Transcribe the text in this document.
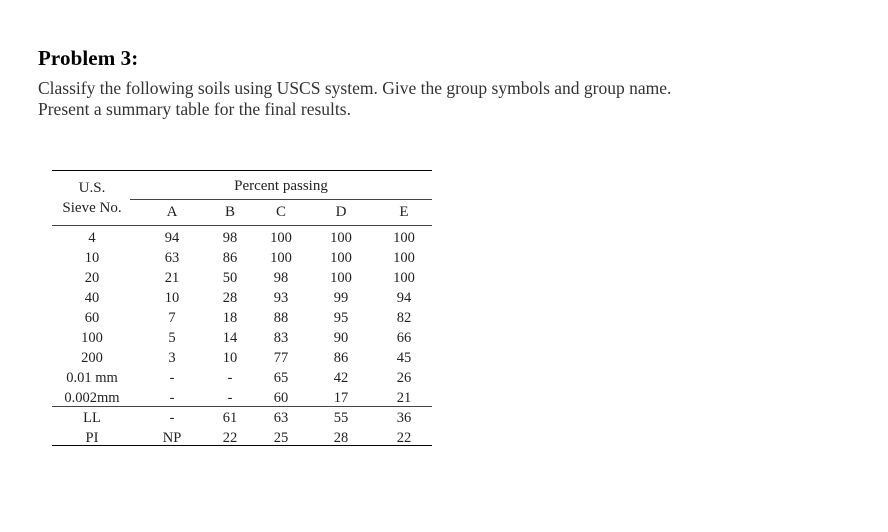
Problem 3:
Classify the following soils using USCS system. Give the group symbols and group name.
Present a summary table for the final results.
U.S.
Sieve No.
Percent passing
A	B	C	D	E
4	94	98	100	100	100
10	63	86	100	100	100
20	21	50	98	100	100
40	10	28	93	99	94
60	7	18	88	95	82
100	5	14	83	90	66
200	3	10	77	86	45
0.01 mm	-	-	65	42	26
0.002mm	-	-	60	17	21
LL	-	61	63	55	36
PI	NP	22	25	28	22
